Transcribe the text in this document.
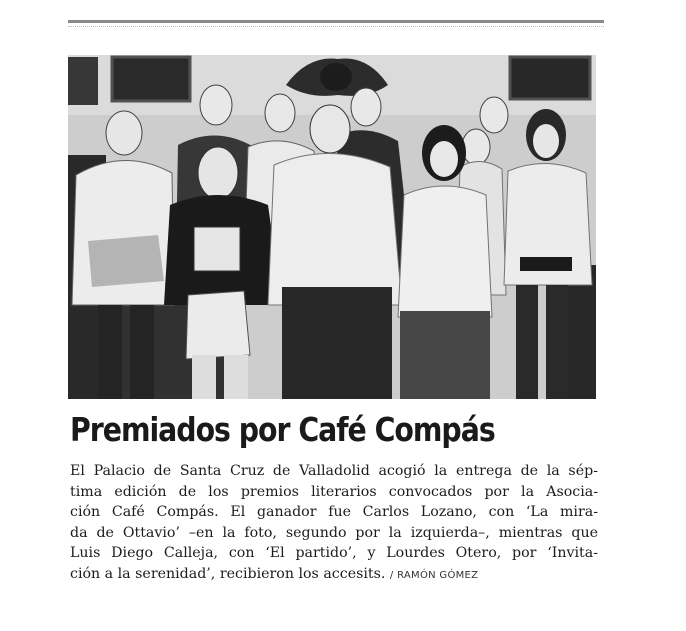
Premiados por Café Compás
El Palacio de Santa Cruz de Valladolid acogió la entrega de la sép-
tima edición de los premios literarios convocados por la Asocia-
ción Café Compás. El ganador fue Carlos Lozano, con ‘La mira-
da de Ottavio’ –en la foto, segundo por la izquierda–, mientras que
Luis Diego Calleja, con ‘El partido’, y Lourdes Otero, por ‘Invita-
ción a la serenidad’, recibieron los accesits. / RAMÓN GÓMEZ
